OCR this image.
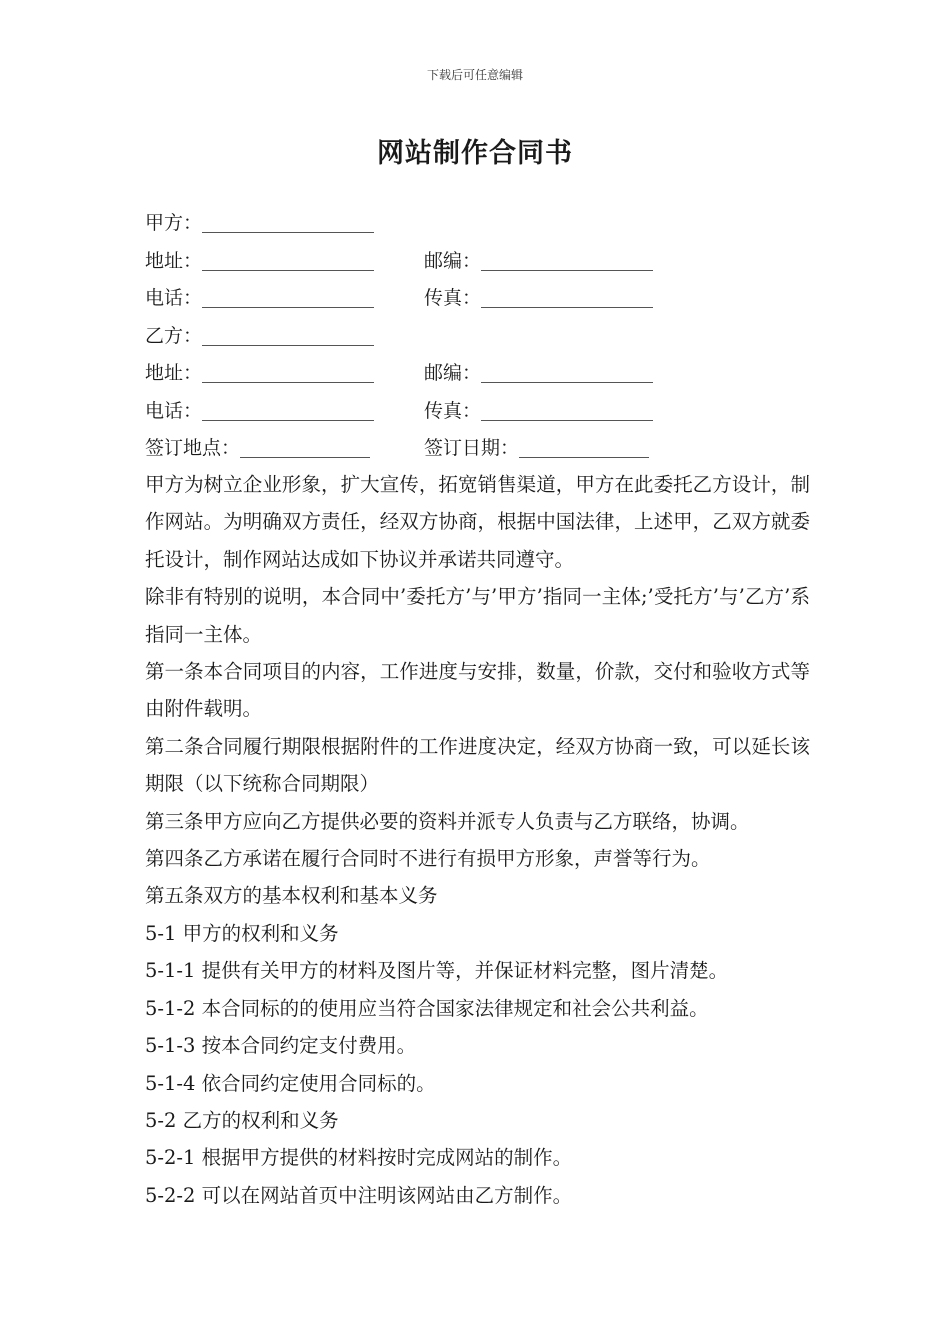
下载后可任意编辑
网站制作合同书
甲方：
地址：	邮编：
电话：	传真：
乙方：
地址：	邮编：
电话：	传真：
签订地点：	签订日期：

甲方为树立企业形象，扩大宣传，拓宽销售渠道，甲方在此委托乙方设计，制作网站。为明确双方责任，经双方协商，根据中国法律，上述甲，乙双方就委托设计，制作网站达成如下协议并承诺共同遵守。

除非有特别的说明，本合同中’委托方’与’甲方’指同一主体;’受托方’与’乙方’系指同一主体。

第一条本合同项目的内容，工作进度与安排，数量，价款，交付和验收方式等由附件载明。

第二条合同履行期限根据附件的工作进度决定，经双方协商一致，可以延长该期限（以下统称合同期限）

第三条甲方应向乙方提供必要的资料并派专人负责与乙方联络，协调。

第四条乙方承诺在履行合同时不进行有损甲方形象，声誉等行为。

第五条双方的基本权利和基本义务

5-1 甲方的权利和义务

5-1-1 提供有关甲方的材料及图片等，并保证材料完整，图片清楚。

5-1-2 本合同标的的使用应当符合国家法律规定和社会公共利益。

5-1-3 按本合同约定支付费用。

5-1-4 依合同约定使用合同标的。

5-2 乙方的权利和义务

5-2-1 根据甲方提供的材料按时完成网站的制作。

5-2-2 可以在网站首页中注明该网站由乙方制作。
